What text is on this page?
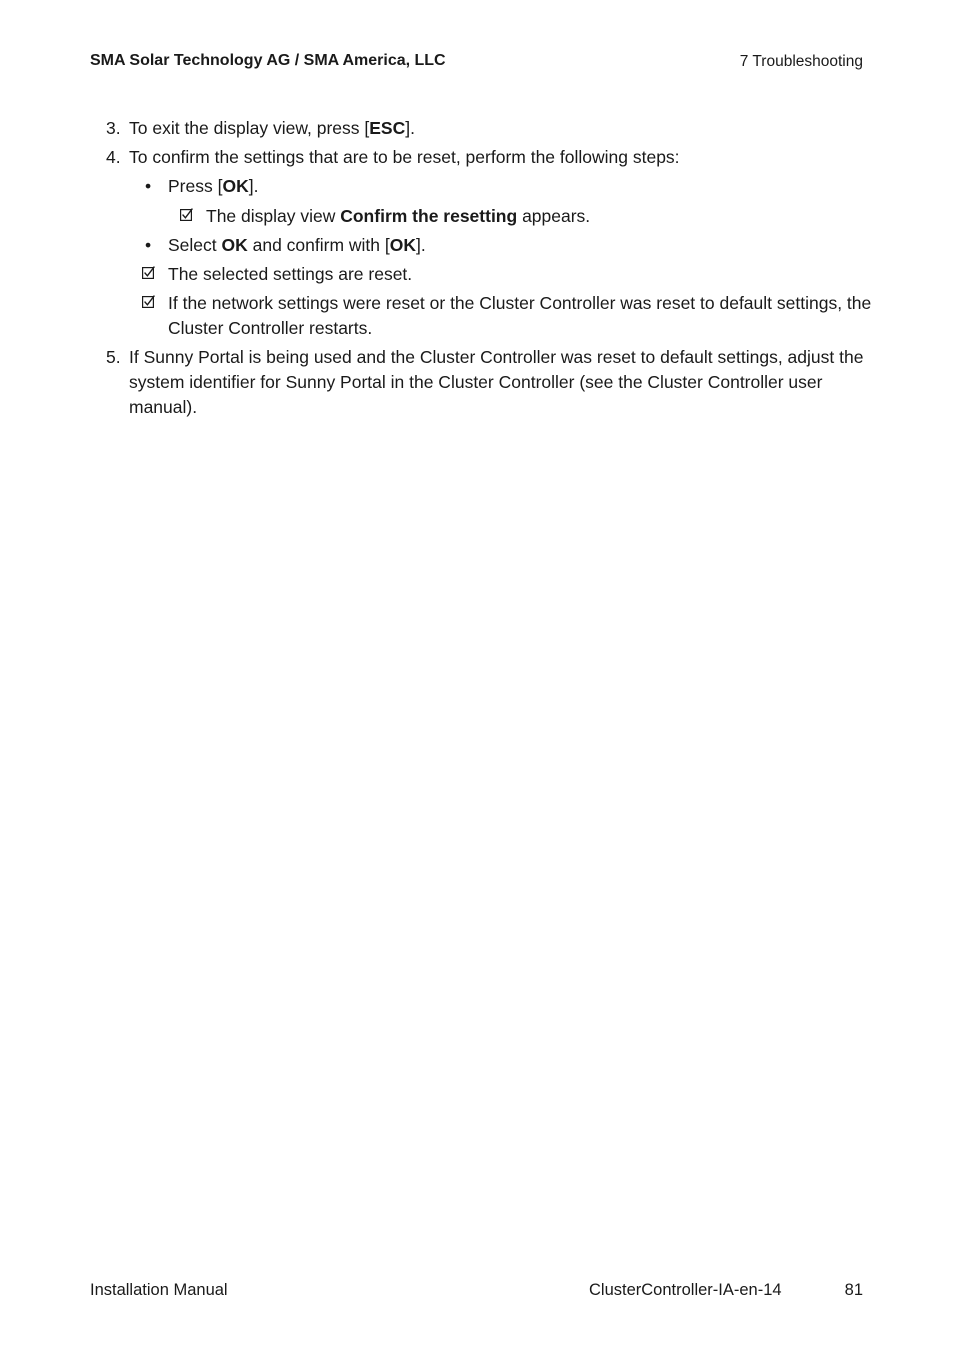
SMA Solar Technology AG / SMA America, LLC	7 Troubleshooting
3. To exit the display view, press [ESC].
4. To confirm the settings that are to be reset, perform the following steps:
• Press [OK].
The display view Confirm the resetting appears.
• Select OK and confirm with [OK].
The selected settings are reset.
If the network settings were reset or the Cluster Controller was reset to default settings, the
Cluster Controller restarts.
5. If Sunny Portal is being used and the Cluster Controller was reset to default settings, adjust the
system identifier for Sunny Portal in the Cluster Controller (see the Cluster Controller user
manual).
Installation Manual	ClusterController-IA-en-14	81
